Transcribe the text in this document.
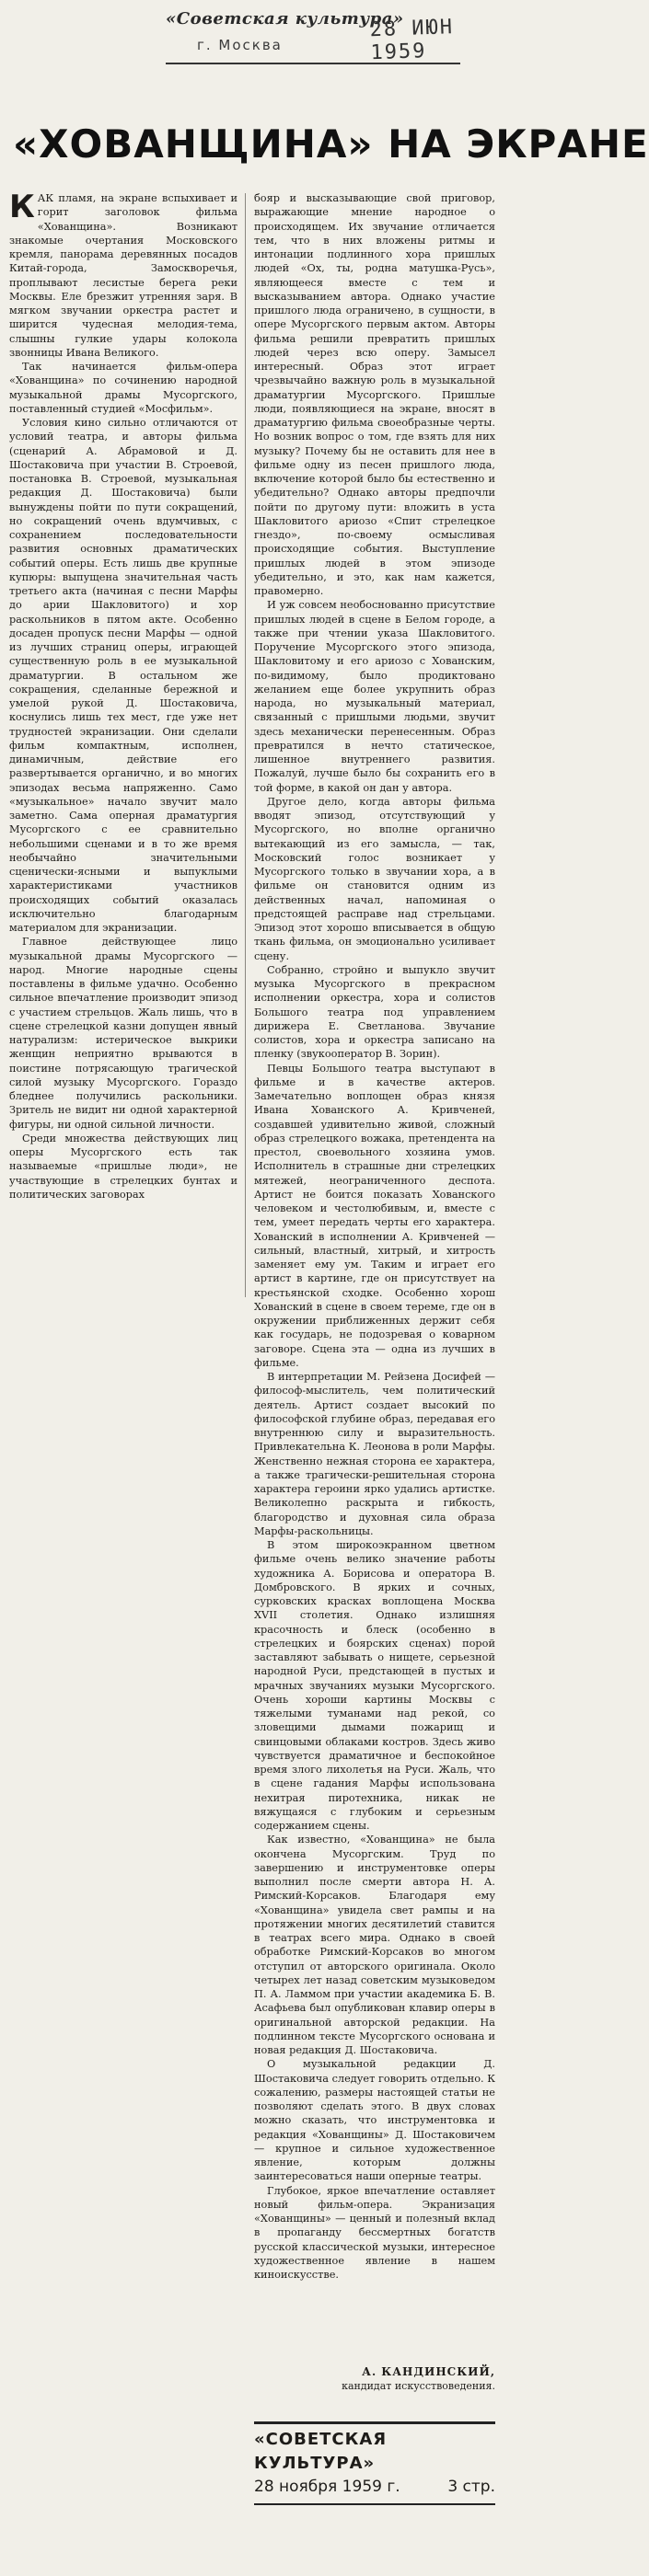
«Советская культура»
г. Москва
28 ИЮН 1959
«ХОВАНЩИНА» НА ЭКРАНЕ

КАК пламя, на экране вспыхивает и горит заголовок фильма «Хованщина». Возникают знакомые очертания Московского кремля, панорама деревянных посадов Китай-города, Замоскворечья, проплывают лесистые берега реки Москвы. Еле брезжит утренняя заря. В мягком звучании оркестра растет и ширится чудесная мелодия-тема, слышны гулкие удары колокола звонницы Ивана Великого.

Так начинается фильм-опера «Хованщина» по сочинению народной музыкальной драмы Мусоргского, поставленный студией «Мосфильм».

Условия кино сильно отличаются от условий театра, и авторы фильма (сценарий А. Абрамовой и Д. Шостаковича при участии В. Строевой, постановка В. Строевой, музыкальная редакция Д. Шостаковича) были вынуждены пойти по пути сокращений, но сокращений очень вдумчивых, с сохранением последовательности развития основных драматических событий оперы. Есть лишь две крупные купюры: выпущена значительная часть третьего акта (начиная с песни Марфы до арии Шакловитого) и хор раскольников в пятом акте. Особенно досаден пропуск песни Марфы — одной из лучших страниц оперы, играющей существенную роль в ее музыкальной драматургии. В остальном же сокращения, сделанные бережной и умелой рукой Д. Шостаковича, коснулись лишь тех мест, где уже нет трудностей экранизации. Они сделали фильм компактным, исполнен, динамичным, действие его развертывается органично, и во многих эпизодах весьма напряженно. Само «музыкальное» начало звучит мало заметно. Сама оперная драматургия Мусоргского с ее сравнительно небольшими сценами и в то же время необычайно значительными сценически-ясными и выпуклыми характеристиками участников происходящих событий оказалась исключительно благодарным материалом для экранизации.

Главное действующее лицо музыкальной драмы Мусоргского — народ. Многие народные сцены поставлены в фильме удачно. Особенно сильное впечатление производит эпизод с участием стрельцов. Жаль лишь, что в сцене стрелецкой казни допущен явный натурализм: истерическое выкрики женщин неприятно врываются в поистине потрясающую трагической силой музыку Мусоргского. Гораздо бледнее получились раскольники. Зритель не видит ни одной характерной фигуры, ни одной сильной личности.

Среди множества действующих лиц оперы Мусоргского есть так называемые «пришлые люди», не участвующие в стрелецких бунтах и политических заговорах

бояр и высказывающие свой приговор, выражающие мнение народное о происходящем. Их звучание отличается тем, что в них вложены ритмы и интонации подлинного хора пришлых людей «Ох, ты, родна матушка-Русь», являющееся вместе с тем и высказыванием автора. Однако участие пришлого люда ограничено, в сущности, в опере Мусоргского первым актом. Авторы фильма решили превратить пришлых людей через всю оперу. Замысел интересный. Образ этот играет чрезвычайно важную роль в музыкальной драматургии Мусоргского. Пришлые люди, появляющиеся на экране, вносят в драматургию фильма своеобразные черты. Но возник вопрос о том, где взять для них музыку? Почему бы не оставить для нее в фильме одну из песен пришлого люда, включение которой было бы естественно и убедительно? Однако авторы предпочли пойти по другому пути: вложить в уста Шакловитого ариозо «Спит стрелецкое гнездо», по-своему осмысливая происходящие события. Выступление пришлых людей в этом эпизоде убедительно, и это, как нам кажется, правомерно.

И уж совсем необоснованно присутствие пришлых людей в сцене в Белом городе, а также при чтении указа Шакловитого. Поручение Мусоргского этого эпизода, Шакловитому и его ариозо с Хованским, по-видимому, было продиктовано желанием еще более укрупнить образ народа, но музыкальный материал, связанный с пришлыми людьми, звучит здесь механически перенесенным. Образ превратился в нечто статическое, лишенное внутреннего развития. Пожалуй, лучше было бы сохранить его в той форме, в какой он дан у автора.

Другое дело, когда авторы фильма вводят эпизод, отсутствующий у Мусоргского, но вполне органично вытекающий из его замысла, — так, Московский голос возникает у Мусоргского только в звучании хора, а в фильме он становится одним из действенных начал, напоминая о предстоящей расправе над стрельцами. Эпизод этот хорошо вписывается в общую ткань фильма, он эмоционально усиливает сцену.

Собранно, стройно и выпукло звучит музыка Мусоргского в прекрасном исполнении оркестра, хора и солистов Большого театра под управлением дирижера Е. Светланова. Звучание солистов, хора и оркестра записано на пленку (звукооператор В. Зорин).

Певцы Большого театра выступают в фильме и в качестве актеров. Замечательно воплощен образ князя Ивана Хованского А. Кривченей, создавшей удивительно живой, сложный образ стрелецкого вожака, претендента на престол, своевольного хозяина умов. Исполнитель в страшные дни стрелецких мятежей, неограниченного деспота. Артист не боится показать Хованского человеком и честолюбивым, и, вместе с тем, умеет передать черты его характера. Хованский в исполнении А. Кривченей — сильный, властный, хитрый, и хитрость заменяет ему ум. Таким и играет его артист в картине, где он присутствует на крестьянской сходке. Особенно хорош Хованский в сцене в своем тереме, где он в окружении приближенных держит себя как государь, не подозревая о коварном заговоре. Сцена эта — одна из лучших в фильме.

В интерпретации М. Рейзена Досифей — философ-мыслитель, чем политический деятель. Артист создает высокий по философской глубине образ, передавая его внутреннюю силу и выразительность. Привлекательна К. Леонова в роли Марфы. Женственно нежная сторона ее характера, а также трагически-решительная сторона характера героини ярко удались артистке. Великолепно раскрыта и гибкость, благородство и духовная сила образа Марфы-раскольницы.

В этом широкоэкранном цветном фильме очень велико значение работы художника А. Борисова и оператора В. Домбровского. В ярких и сочных, сурковских красках воплощена Москва XVII столетия. Однако излишняя красочность и блеск (особенно в стрелецких и боярских сценах) порой заставляют забывать о нищете, серьезной народной Руси, предстающей в пустых и мрачных звучаниях музыки Мусоргского. Очень хороши картины Москвы с тяжелыми туманами над рекой, со зловещими дымами пожарищ и свинцовыми облаками костров. Здесь живо чувствуется драматичное и беспокойное время злого лихолетья на Руси. Жаль, что в сцене гадания Марфы использована нехитрая пиротехника, никак не вяжущаяся с глубоким и серьезным содержанием сцены.

Как известно, «Хованщина» не была окончена Мусоргским. Труд по завершению и инструментовке оперы выполнил после смерти автора Н. А. Римский-Корсаков. Благодаря ему «Хованщина» увидела свет рампы и на протяжении многих десятилетий ставится в театрах всего мира. Однако в своей обработке Римский-Корсаков во многом отступил от авторского оригинала. Около четырех лет назад советским музыковедом П. А. Ламмом при участии академика Б. В. Асафьева был опубликован клавир оперы в оригинальной авторской редакции. На подлинном тексте Мусоргского основана и новая редакция Д. Шостаковича.

О музыкальной редакции Д. Шостаковича следует говорить отдельно. К сожалению, размеры настоящей статьи не позволяют сделать этого. В двух словах можно сказать, что инструментовка и редакция «Хованщины» Д. Шостаковичем — крупное и сильное художественное явление, которым должны заинтересоваться наши оперные театры.

Глубокое, яркое впечатление оставляет новый фильм-опера. Экранизация «Хованщины» — ценный и полезный вклад в пропаганду бессмертных богатств русской классической музыки, интересное художественное явление в нашем киноискусстве.

А. КАНДИНСКИЙ,
кандидат искусствоведения.
«СОВЕТСКАЯ КУЛЬТУРА»
28 ноября 1959 г.	3 стр.
